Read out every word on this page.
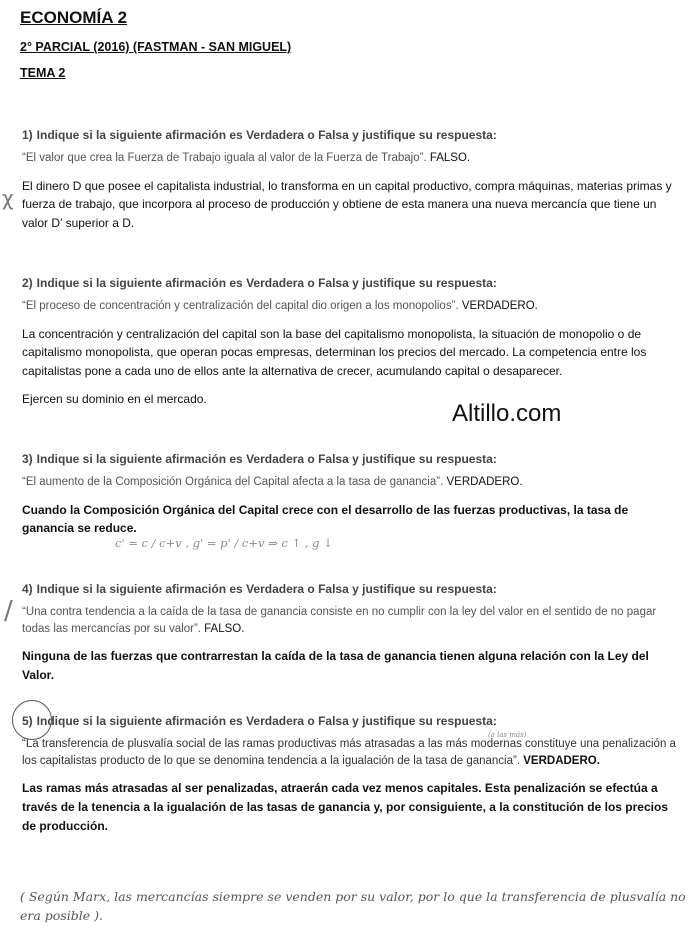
ECONOMÍA 2
2° PARCIAL (2016) (FASTMAN - SAN MIGUEL)
TEMA 2
1) Indique si la siguiente afirmación es Verdadera o Falsa y justifique su respuesta:
“El valor que crea la Fuerza de Trabajo iguala al valor de la Fuerza de Trabajo”. FALSO.

El dinero D que posee el capitalista industrial, lo transforma en un capital productivo, compra máquinas, materias primas y fuerza de trabajo, que incorpora al proceso de producción y obtiene de esta manera una nueva mercancía que tiene un valor D’ superior a D.

2) Indique si la siguiente afirmación es Verdadera o Falsa y justifique su respuesta:
“El proceso de concentración y centralización del capital dio origen a los monopolios”. VERDADERO.

La concentración y centralización del capital son la base del capitalismo monopolista, la situación de monopolio o de capitalismo monopolista, que operan pocas empresas, determinan los precios del mercado. La competencia entre los capitalistas pone a cada uno de ellos ante la alternativa de crecer, acumulando capital o desaparecer.

Ejercen su dominio en el mercado.

Altillo.com
3) Indique si la siguiente afirmación es Verdadera o Falsa y justifique su respuesta:
“El aumento de la Composición Orgánica del Capital afecta a la tasa de ganancia”. VERDADERO.

Cuando la Composición Orgánica del Capital crece con el desarrollo de las fuerzas productivas, la tasa de ganancia se reduce.

c' = c / c+v , g' = p' / c+v ⇒ c ↑ , g ↓
4) Indique si la siguiente afirmación es Verdadera o Falsa y justifique su respuesta:
“Una contra tendencia a la caída de la tasa de ganancia consiste en no cumplir con la ley del valor en el sentido de no pagar todas las mercancías por su valor”. FALSO.

Ninguna de las fuerzas que contrarrestan la caída de la tasa de ganancia tienen alguna relación con la Ley del Valor.

(a las más)
5) Indique si la siguiente afirmación es Verdadera o Falsa y justifique su respuesta:
“La transferencia de plusvalía social de las ramas productivas más atrasadas a las más modernas constituye una penalización a los capitalistas producto de lo que se denomina tendencia a la igualación de la tasa de ganancia”. VERDADERO.

Las ramas más atrasadas al ser penalizadas, atraerán cada vez menos capitales. Esta penalización se efectúa a través de la tenencia a la igualación de las tasas de ganancia y, por consiguiente, a la constitución de los precios de producción.

( Según Marx, las mercancías siempre se venden por su valor, por lo que la transferencia de plusvalía no era posible ).
χ
/
